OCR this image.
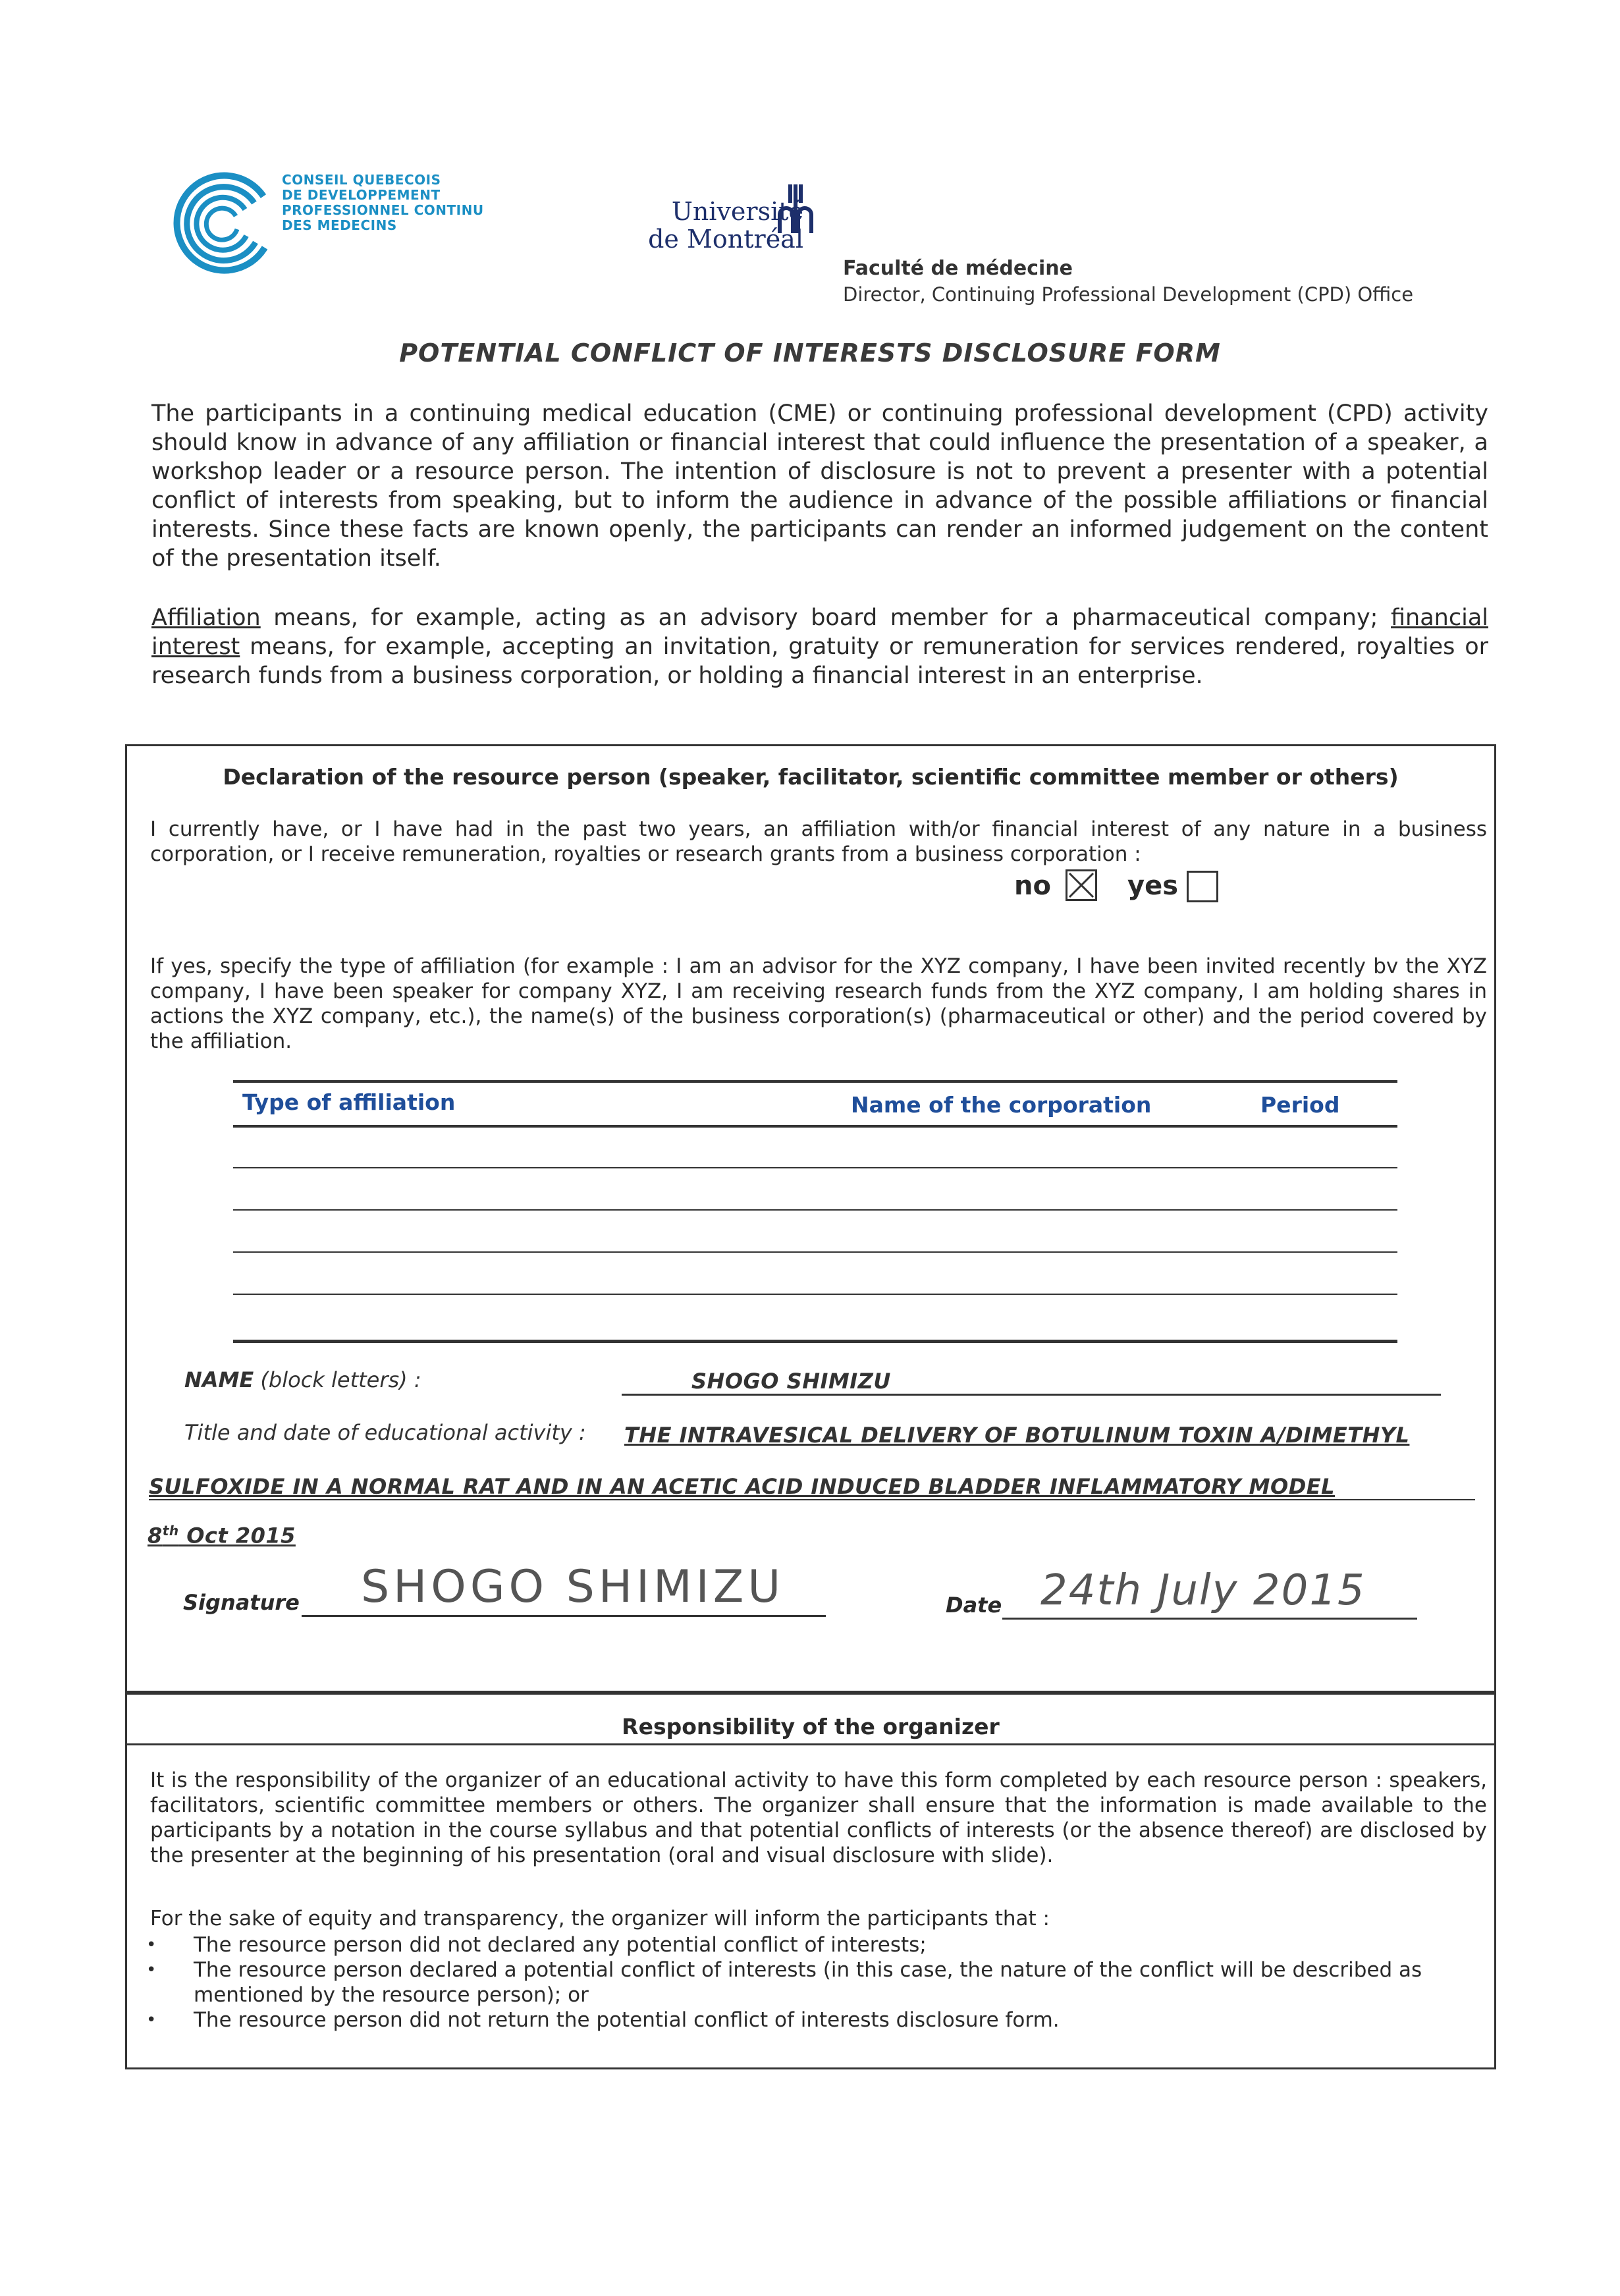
CONSEIL QUEBECOIS
DE DEVELOPPEMENT
PROFESSIONNEL CONTINU
DES MEDECINS	Université
de Montréal
Faculté de médecine
Director, Continuing Professional Development (CPD) Office
POTENTIAL CONFLICT OF INTERESTS DISCLOSURE FORM
The participants in a continuing medical education (CME) or continuing professional development (CPD) activity should know in advance of any affiliation or financial interest that could influence the presentation of a speaker, a workshop leader or a resource person. The intention of disclosure is not to prevent a presenter with a potential conflict of interests from speaking, but to inform the audience in advance of the possible affiliations or financial interests. Since these facts are known openly, the participants can render an informed judgement on the content of the presentation itself.
Affiliation means, for example, acting as an advisory board member for a pharmaceutical company; financial interest means, for example, accepting an invitation, gratuity or remuneration for services rendered, royalties or research funds from a business corporation, or holding a financial interest in an enterprise.
Declaration of the resource person (speaker, facilitator, scientific committee member or others)
I currently have, or I have had in the past two years, an affiliation with/or financial interest of any nature in a business corporation, or I receive remuneration, royalties or research grants from a business corporation :
no	yes
If yes, specify the type of affiliation (for example : I am an advisor for the XYZ company, I have been invited recently bv the XYZ company, I have been speaker for company XYZ, I am receiving research funds from the XYZ company, I am holding shares in actions the XYZ company, etc.), the name(s) of the business corporation(s) (pharmaceutical or other) and the period covered by the affiliation.
Type of affiliation	Name of the corporation	Period
NAME (block letters) :	SHOGO SHIMIZU
Title and date of educational activity : THE INTRAVESICAL DELIVERY OF BOTULINUM TOXIN A/DIMETHYL
SULFOXIDE IN A NORMAL RAT AND IN AN ACETIC ACID INDUCED BLADDER INFLAMMATORY MODEL
8th Oct 2015
Signature SHOGO SHIMIZU	Date 24th July 2015
Responsibility of the organizer
It is the responsibility of the organizer of an educational activity to have this form completed by each resource person : speakers, facilitators, scientific committee members or others. The organizer shall ensure that the information is made available to the participants by a notation in the course syllabus and that potential conflicts of interests (or the absence thereof) are disclosed by the presenter at the beginning of his presentation (oral and visual disclosure with slide).
For the sake of equity and transparency, the organizer will inform the participants that :
• The resource person did not declared any potential conflict of interests;
• The resource person declared a potential conflict of interests (in this case, the nature of the conflict will be described as mentioned by the resource person); or
• The resource person did not return the potential conflict of interests disclosure form.
